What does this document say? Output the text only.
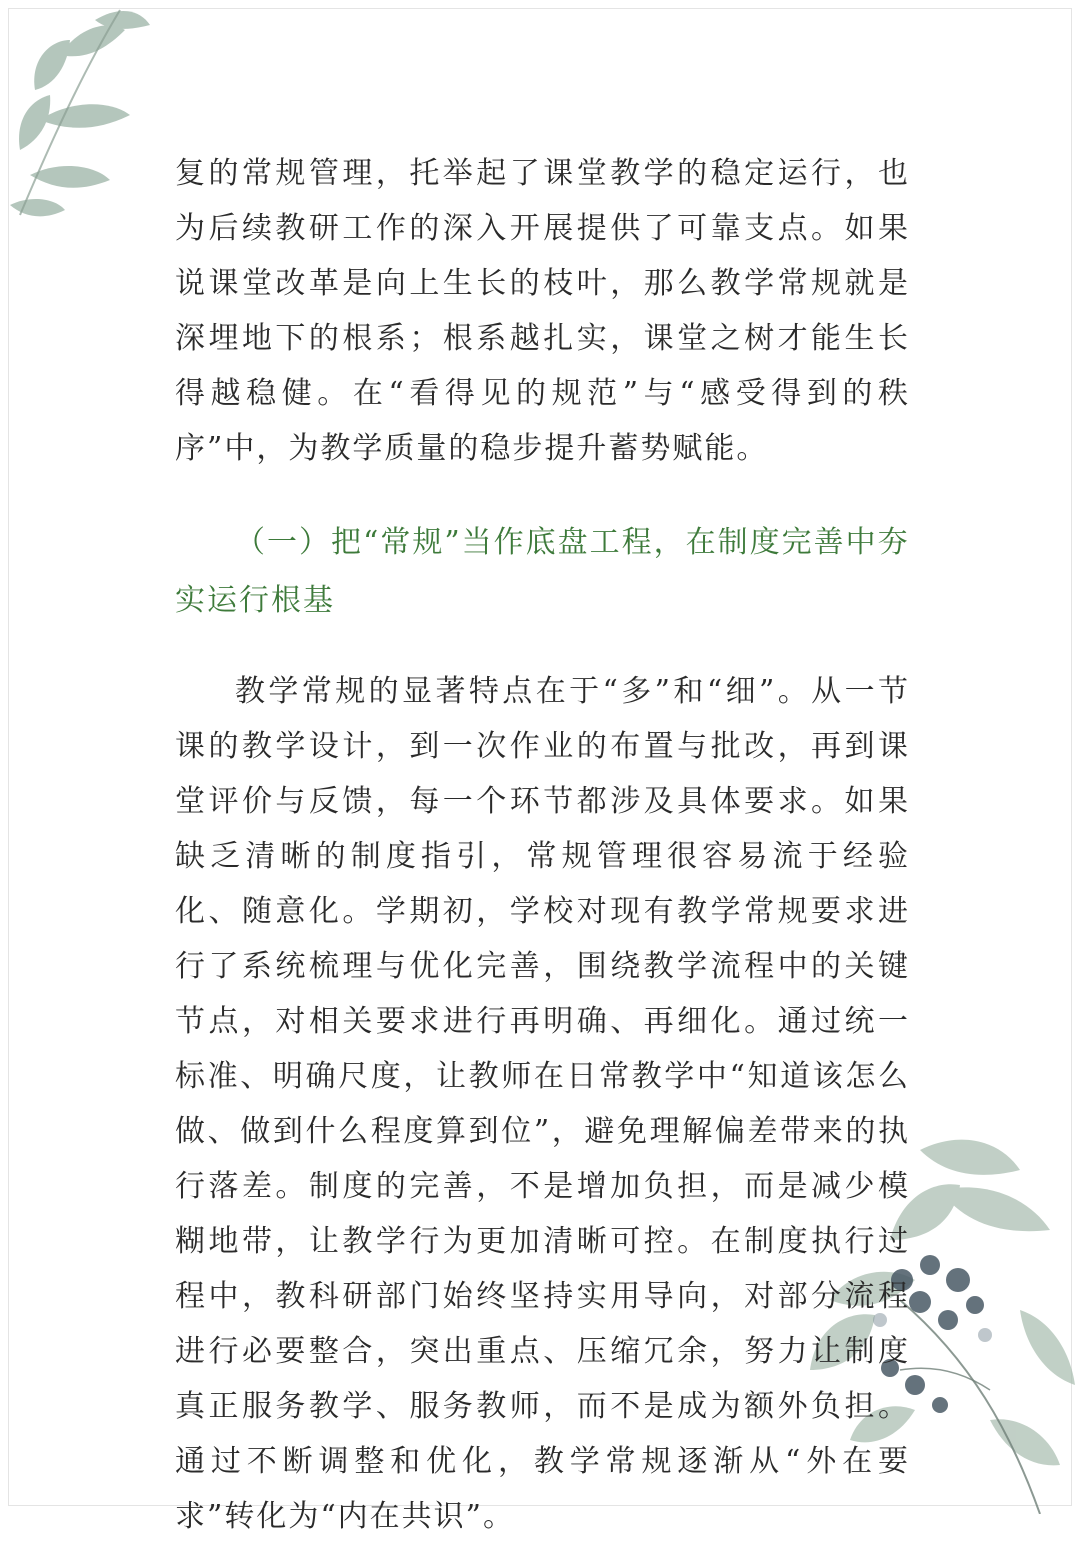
复的常规管理，托举起了课堂教学的稳定运行，也为后续教研工作的深入开展提供了可靠支点。如果说课堂改革是向上生长的枝叶，那么教学常规就是深埋地下的根系；根系越扎实，课堂之树才能生长得越稳健。在“看得见的规范”与“感受得到的秩序”中，为教学质量的稳步提升蓄势赋能。

（一）把“常规”当作底盘工程，在制度完善中夯实运行根基

教学常规的显著特点在于“多”和“细”。从一节课的教学设计，到一次作业的布置与批改，再到课堂评价与反馈，每一个环节都涉及具体要求。如果缺乏清晰的制度指引，常规管理很容易流于经验化、随意化。学期初，学校对现有教学常规要求进行了系统梳理与优化完善，围绕教学流程中的关键节点，对相关要求进行再明确、再细化。通过统一标准、明确尺度，让教师在日常教学中“知道该怎么做、做到什么程度算到位”，避免理解偏差带来的执行落差。制度的完善，不是增加负担，而是减少模糊地带，让教学行为更加清晰可控。在制度执行过程中，教科研部门始终坚持实用导向，对部分流程进行必要整合，突出重点、压缩冗余，努力让制度真正服务教学、服务教师，而不是成为额外负担。通过不断调整和优化，教学常规逐渐从“外在要求”转化为“内在共识”。
